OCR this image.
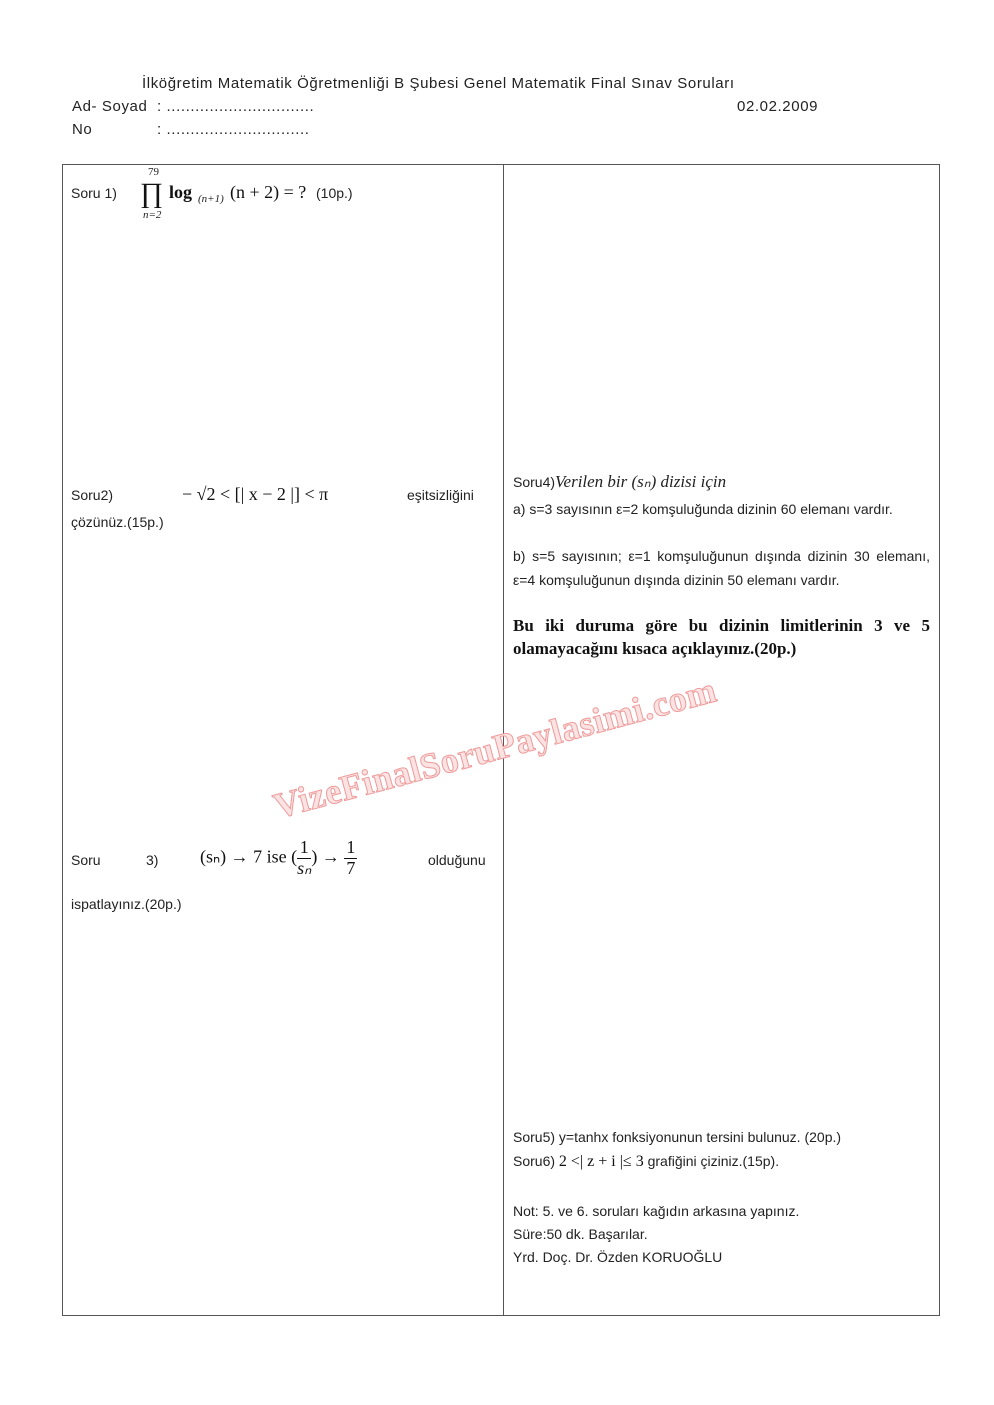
İlköğretim Matematik Öğretmenliği B Şubesi Genel Matematik Final Sınav Soruları
Ad- Soyad : ...............................	02.02.2009
No	: ..............................
Soru 1)
79
∏
n=2
log (n+1) (n + 2) = ? (10p.)
Soru2)	− √2 < [| x − 2 |] < π	eşitsizliğini
çözünüz.(15p.)
Soru	3) (sₙ) → 7 ise ( $\frac{1}{\text{sₙ}}$ ) → $\frac{1}{7}$	olduğunu
ispatlayınız.(20p.)
Soru4)Verilen bir (sₙ) dizisi için
a) s=3 sayısının ε=2 komşuluğunda dizinin 60 elemanı vardır.
b) s=5 sayısının; ε=1 komşuluğunun dışında dizinin 30 elemanı, ε=4 komşuluğunun dışında dizinin 50 elemanı vardır.
Bu iki duruma göre bu dizinin limitlerinin 3 ve 5 olamayacağını kısaca açıklayınız.(20p.)
Soru5) y=tanhx fonksiyonunun tersini bulunuz. (20p.)
Soru6) 2 <| z + i |≤ 3 grafiğini çiziniz.(15p).
Not: 5. ve 6. soruları kağıdın arkasına yapınız.
Süre:50 dk. Başarılar.
Yrd. Doç. Dr. Özden KORUOĞLU
VizeFinalSoruPaylasimi.com
